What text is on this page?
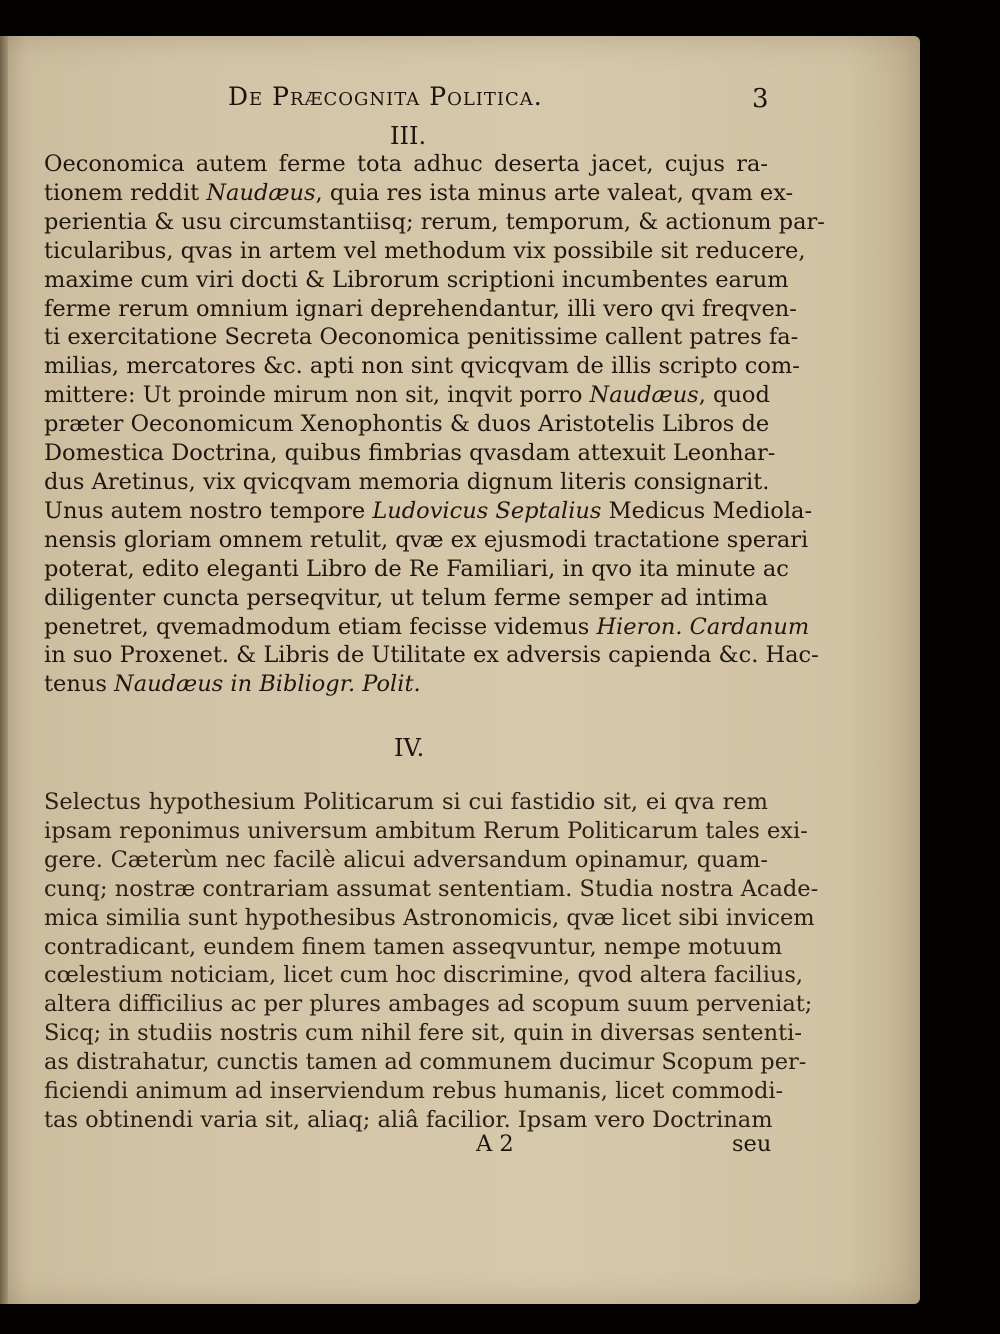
De Præcognita Politica.	3
III.
Oeconomica autem ferme tota adhuc deserta jacet, cujus ra-
tionem reddit Naudæus, quia res ista minus arte valeat, qvam ex-
perientia & usu circumstantiisq; rerum, temporum, & actionum par-
ticularibus, qvas in artem vel methodum vix possibile sit reducere,
maxime cum viri docti & Librorum scriptioni incumbentes earum
ferme rerum omnium ignari deprehendantur, illi vero qvi freqven-
ti exercitatione Secreta Oeconomica penitissime callent patres fa-
milias, mercatores &c. apti non sint qvicqvam de illis scripto com-
mittere: Ut proinde mirum non sit, inqvit porro Naudæus, quod
præter Oeconomicum Xenophontis & duos Aristotelis Libros de
Domestica Doctrina, quibus fimbrias qvasdam attexuit Leonhar-
dus Aretinus, vix qvicqvam memoria dignum literis consignarit.
Unus autem nostro tempore Ludovicus Septalius Medicus Mediola-
nensis gloriam omnem retulit, qvæ ex ejusmodi tractatione sperari
poterat, edito eleganti Libro de Re Familiari, in qvo ita minute ac
diligenter cuncta perseqvitur, ut telum ferme semper ad intima
penetret, qvemadmodum etiam fecisse videmus Hieron. Cardanum
in suo Proxenet. & Libris de Utilitate ex adversis capienda &c. Hac-
tenus Naudæus in Bibliogr. Polit.
IV.
Selectus hypothesium Politicarum si cui fastidio sit, ei qva rem
ipsam reponimus universum ambitum Rerum Politicarum tales exi-
gere. Cæterùm nec facilè alicui adversandum opinamur, quam-
cunq; nostræ contrariam assumat sententiam. Studia nostra Acade-
mica similia sunt hypothesibus Astronomicis, qvæ licet sibi invicem
contradicant, eundem finem tamen asseqvuntur, nempe motuum
cœlestium noticiam, licet cum hoc discrimine, qvod altera facilius,
altera difficilius ac per plures ambages ad scopum suum perveniat;
Sicq; in studiis nostris cum nihil fere sit, quin in diversas sententi-
as distrahatur, cunctis tamen ad communem ducimur Scopum per-
ficiendi animum ad inserviendum rebus humanis, licet commodi-
tas obtinendi varia sit, aliaq; aliâ facilior. Ipsam vero Doctrinam
A 2	seu
